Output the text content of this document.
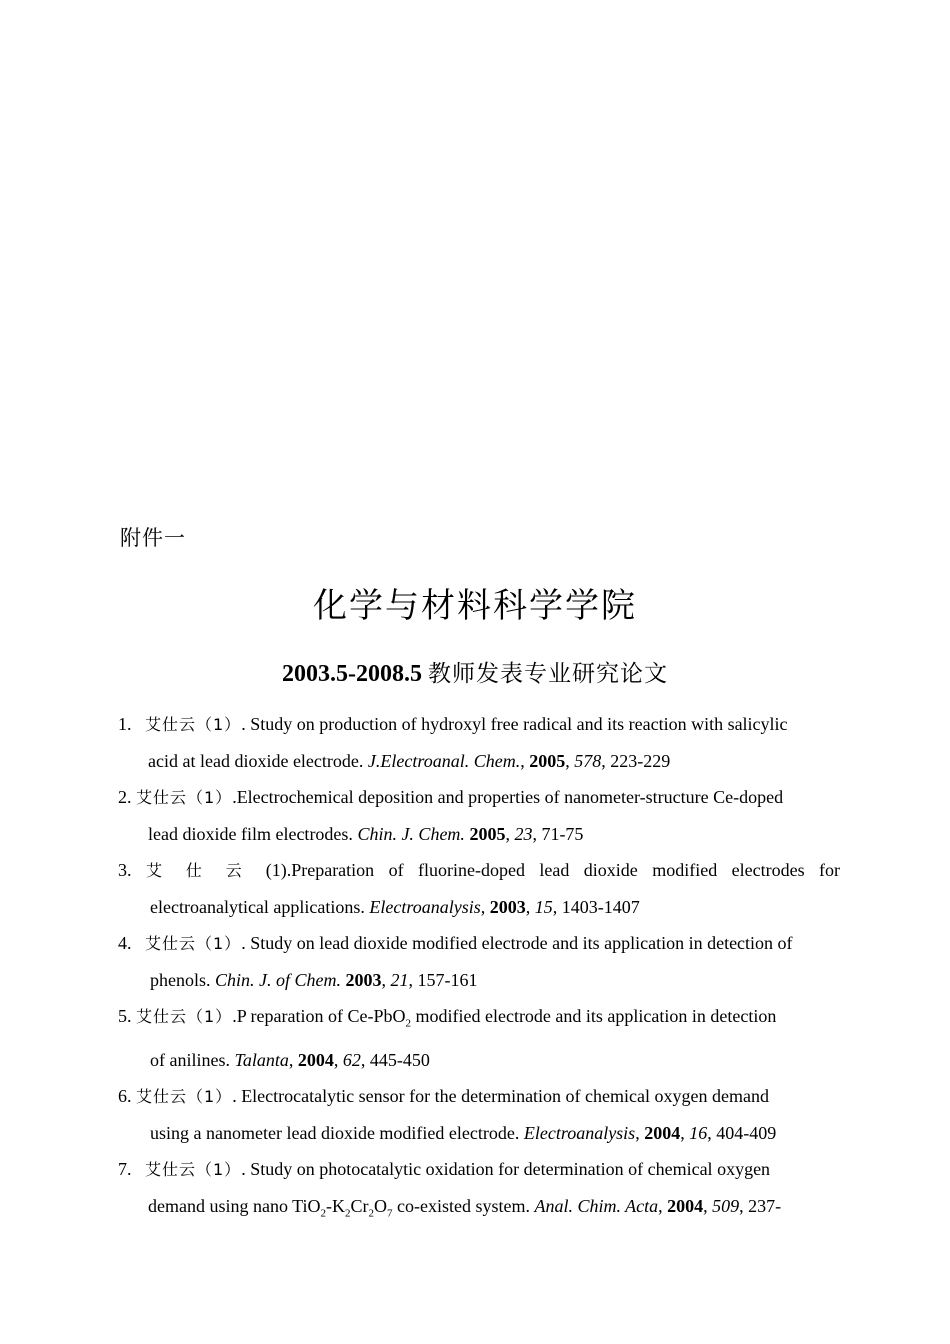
附件一
化学与材料科学学院
2003.5-2008.5 教师发表专业研究论文
1. 艾仕云（1）. Study on production of hydroxyl free radical and its reaction with salicylic
acid at lead dioxide electrode. J.Electroanal. Chem., 2005, 578, 223-229
2. 艾仕云（1）.Electrochemical deposition and properties of nanometer-structure Ce-doped
lead dioxide film electrodes. Chin. J. Chem. 2005, 23, 71-75
3. 艾仕云(1).Preparation of fluorine-doped lead dioxide modified electrodes for
electroanalytical applications. Electroanalysis, 2003, 15, 1403-1407
4. 艾仕云（1）. Study on lead dioxide modified electrode and its application in detection of
phenols. Chin. J. of Chem. 2003, 21, 157-161
5. 艾仕云（1）.P reparation of Ce-PbO$_2$ modified electrode and its application in detection
of anilines. Talanta, 2004, 62, 445-450
6. 艾仕云（1）. Electrocatalytic sensor for the determination of chemical oxygen demand
using a nanometer lead dioxide modified electrode. Electroanalysis, 2004, 16, 404-409
7. 艾仕云（1）. Study on photocatalytic oxidation for determination of chemical oxygen
demand using nano $TiO_2-K_2Cr_2O_7$ co-existed system. Anal. Chim. Acta, 2004, 509, 237-
